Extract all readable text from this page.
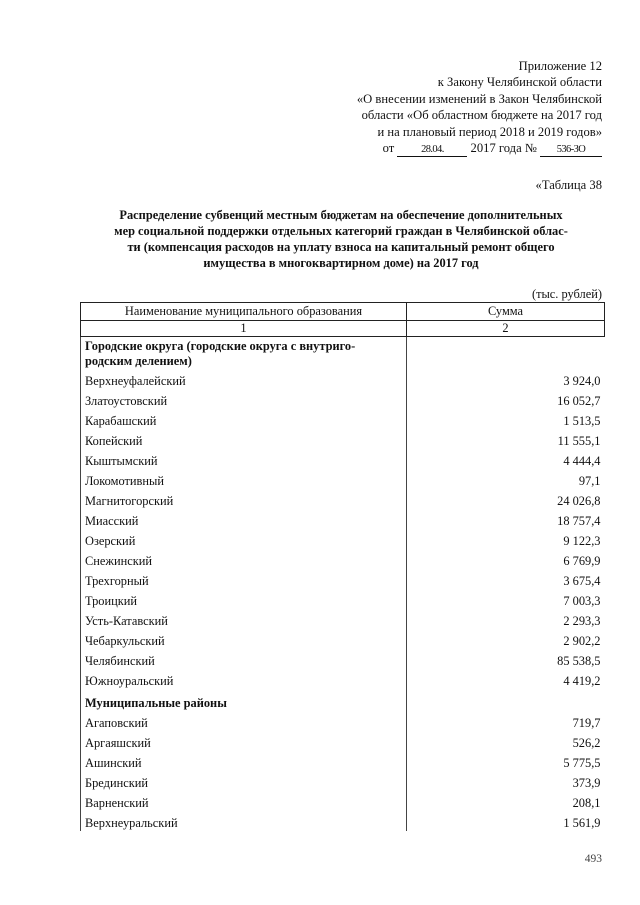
Приложение 12
к Закону Челябинской области
«О внесении изменений в Закон Челябинской
области «Об областном бюджете на 2017 год
и на плановый период 2018 и 2019 годов»
от	28.04. 2017 года № 536-ЗО
«Таблица 38
Распределение субвенций местным бюджетам на обеспечение дополнительных
мер социальной поддержки отдельных категорий граждан в Челябинской облас-
ти (компенсация расходов на уплату взноса на капитальный ремонт общего
имущества в многоквартирном доме) на 2017 год
(тыс. рублей)
Наименование муниципального образования	Сумма
1	2
Городские округа (городские округа с внутриго-родским делением)	
Верхнеуфалейский	3 924,0
Златоустовский	16 052,7
Карабашский	1 513,5
Копейский	11 555,1
Кыштымский	4 444,4
Локомотивный	97,1
Магнитогорский	24 026,8
Миасский	18 757,4
Озерский	9 122,3
Снежинский	6 769,9
Трехгорный	3 675,4
Троицкий	7 003,3
Усть-Катавский	2 293,3
Чебаркульский	2 902,2
Челябинский	85 538,5
Южноуральский	4 419,2
Муниципальные районы	
Агаповский	719,7
Аргаяшский	526,2
Ашинский	5 775,5
Брединский	373,9
Варненский	208,1
Верхнеуральский	1 561,9
493
